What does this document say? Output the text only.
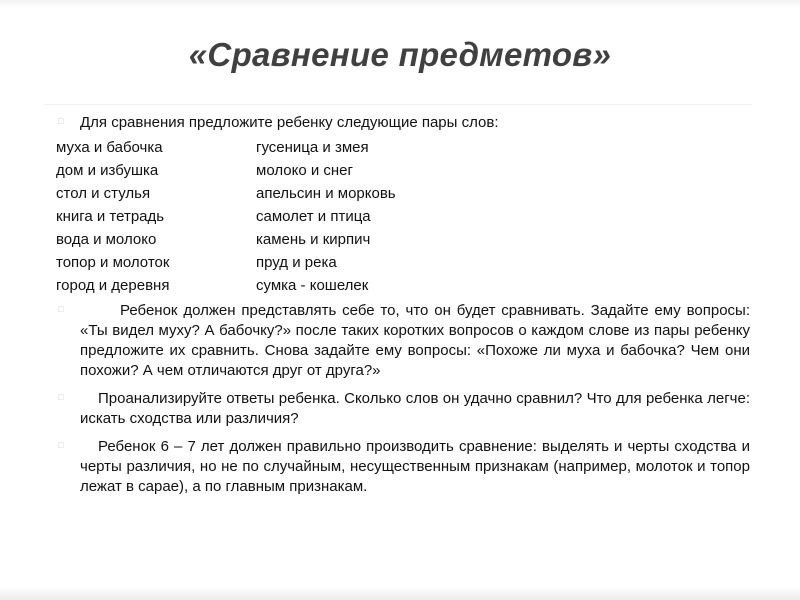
«Сравнение предметов»
□ Для сравнения предложите ребенку следующие пары слов:
муха и бабочка	гусеница и змея
дом и избушка	молоко и снег
стол и стулья	апельсин и морковь
книга и тетрадь	самолет и птица
вода и молоко	камень и кирпич
топор и молоток	пруд и река
город и деревня	сумка - кошелек
□	Ребенок должен представлять себе то, что он будет сравнивать. Задайте ему вопросы: «Ты видел муху? А бабочку?» после таких коротких вопросов о каждом слове из пары ребенку предложите их сравнить. Снова задайте ему вопросы: «Похоже ли муха и бабочка? Чем они похожи? А чем отличаются друг от друга?»
□ Проанализируйте ответы ребенка. Сколько слов он удачно сравнил? Что для ребенка легче: искать сходства или различия?
□ Ребенок 6 – 7 лет должен правильно производить сравнение: выделять и черты сходства и черты различия, но не по случайным, несущественным признакам (например, молоток и топор лежат в сарае), а по главным признакам.
